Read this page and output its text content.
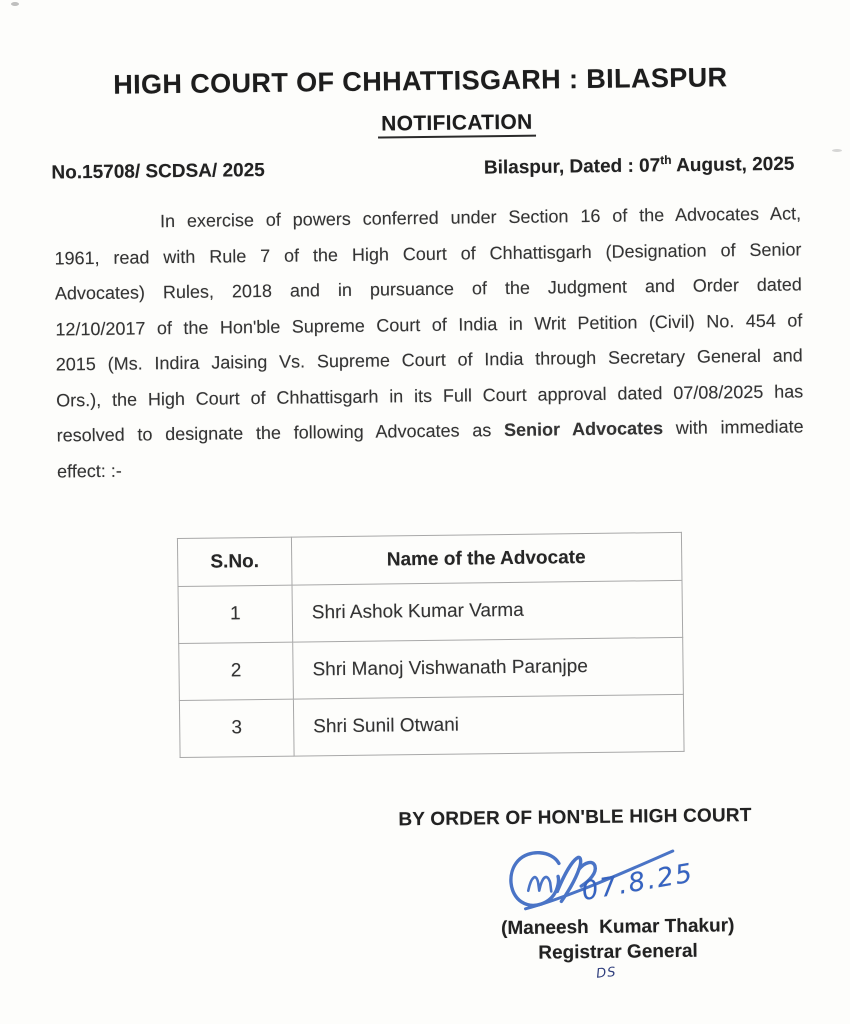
HIGH COURT OF CHHATTISGARH : BILASPUR
NOTIFICATION
No.15708/ SCDSA/ 2025	Bilaspur, Dated : 07th August, 2025
In exercise of powers conferred under Section 16 of the Advocates Act,
1961, read with Rule 7 of the High Court of Chhattisgarh (Designation of Senior
Advocates) Rules, 2018 and in pursuance of the Judgment and Order dated
12/10/2017 of the Hon'ble Supreme Court of India in Writ Petition (Civil) No. 454 of
2015 (Ms. Indira Jaising Vs. Supreme Court of India through Secretary General and
Ors.), the High Court of Chhattisgarh in its Full Court approval dated 07/08/2025 has
resolved to designate the following Advocates as Senior Advocates with immediate
effect: :-
S.No.	Name of the Advocate
1	Shri Ashok Kumar Varma
2	Shri Manoj Vishwanath Paranjpe
3	Shri Sunil Otwani
BY ORDER OF HON'BLE HIGH COURT
07.8.25
(Maneesh  Kumar Thakur)
Registrar General
DS
